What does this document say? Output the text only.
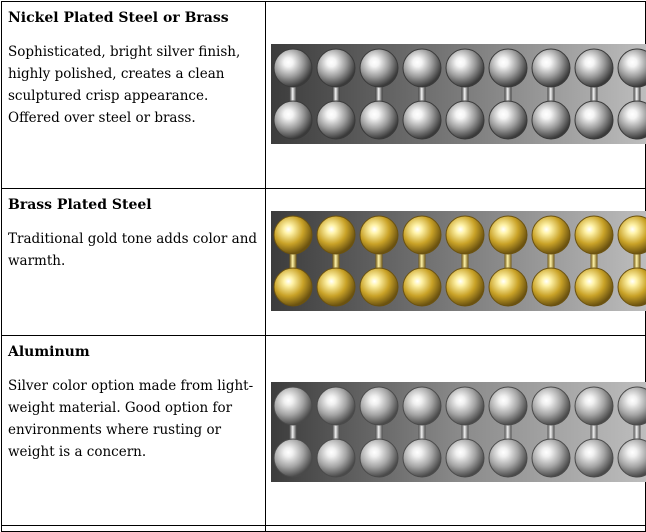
Nickel Plated Steel or Brass

Sophisticated, bright silver finish, highly polished, creates a clean sculptured crisp appearance. Offered over steel or brass.

Brass Plated Steel

Traditional gold tone adds color and warmth.

Aluminum

Silver color option made from light-weight material. Good option for environments where rusting or weight is a concern.
